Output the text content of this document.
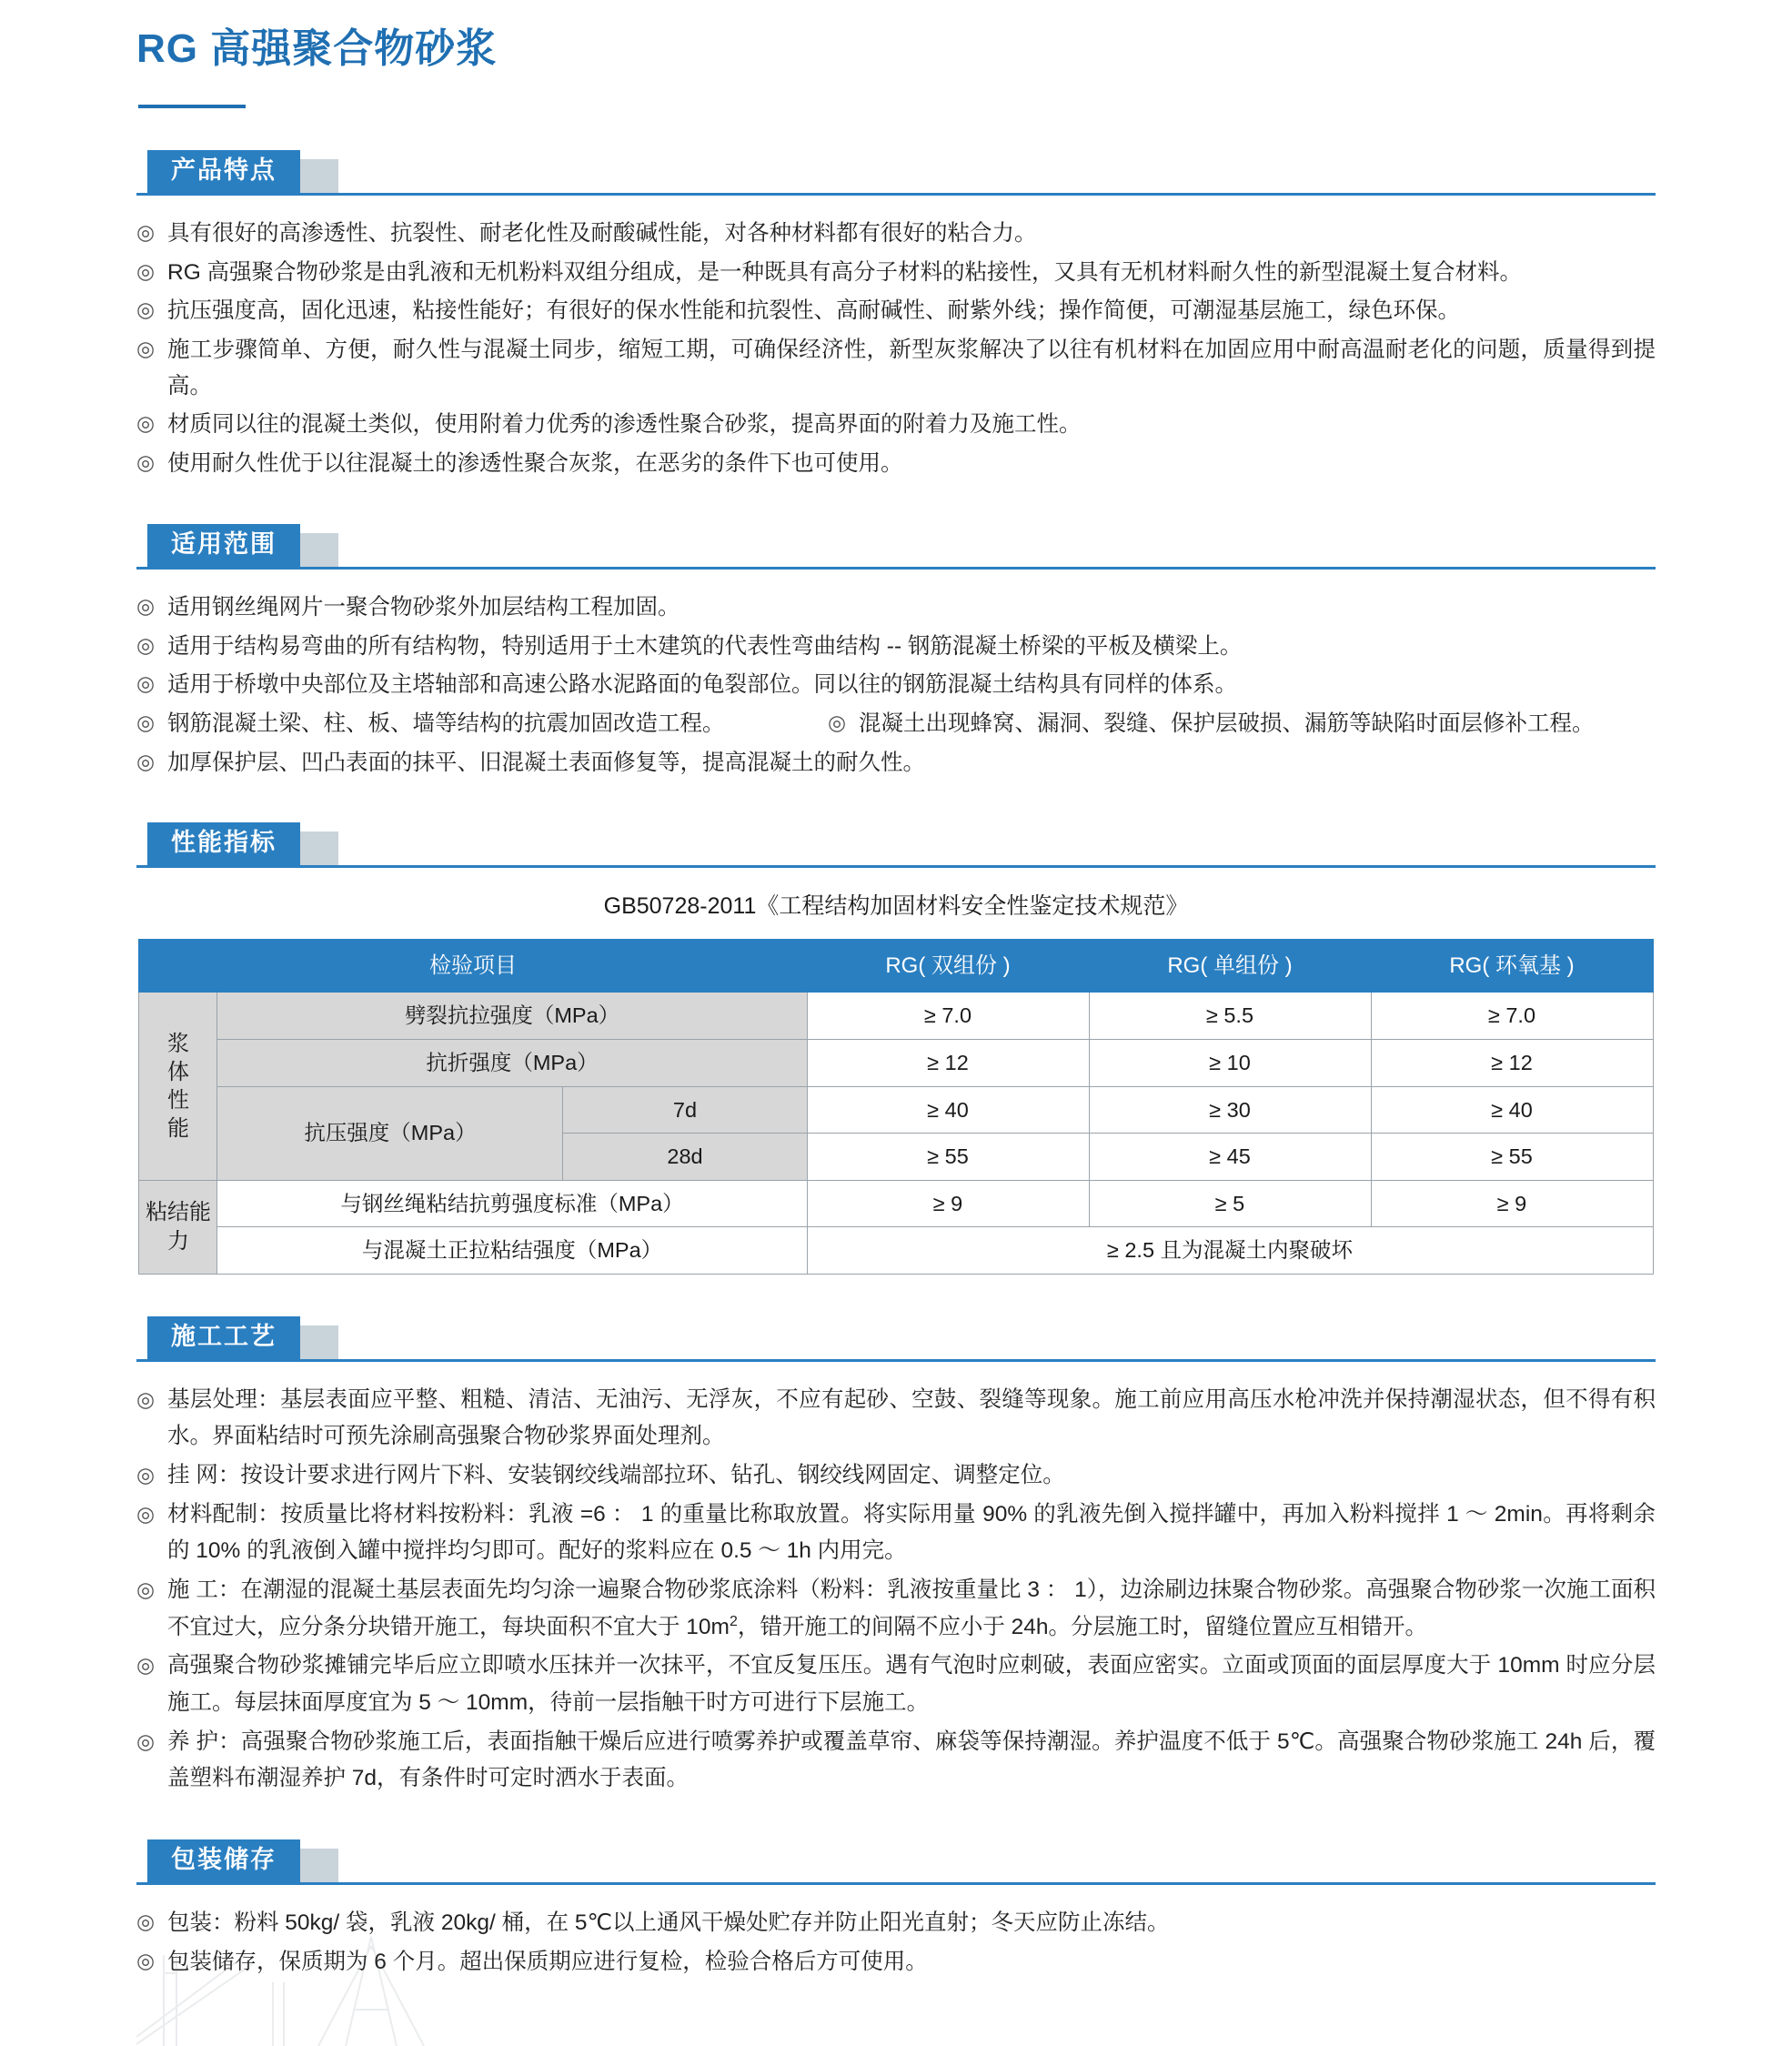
RG 高强聚合物砂浆
产品特点
◎ 具有很好的高渗透性、抗裂性、耐老化性及耐酸碱性能，对各种材料都有很好的粘合力。
◎ RG 高强聚合物砂浆是由乳液和无机粉料双组分组成，是一种既具有高分子材料的粘接性，又具有无机材料耐久性的新型混凝土复合材料。
◎ 抗压强度高，固化迅速，粘接性能好；有很好的保水性能和抗裂性、高耐碱性、耐紫外线；操作简便，可潮湿基层施工，绿色环保。
◎ 施工步骤简单、方便，耐久性与混凝土同步，缩短工期，可确保经济性，新型灰浆解决了以往有机材料在加固应用中耐高温耐老化的问题，质量得到提高。
◎ 材质同以往的混凝土类似，使用附着力优秀的渗透性聚合砂浆，提高界面的附着力及施工性。
◎ 使用耐久性优于以往混凝土的渗透性聚合灰浆，在恶劣的条件下也可使用。
适用范围
◎ 适用钢丝绳网片一聚合物砂浆外加层结构工程加固。
◎ 适用于结构易弯曲的所有结构物，特别适用于土木建筑的代表性弯曲结构 -- 钢筋混凝土桥梁的平板及横梁上。
◎ 适用于桥墩中央部位及主塔轴部和高速公路水泥路面的龟裂部位。同以往的钢筋混凝土结构具有同样的体系。
◎ 钢筋混凝土梁、柱、板、墙等结构的抗震加固改造工程。	◎ 混凝土出现蜂窝、漏洞、裂缝、保护层破损、漏筋等缺陷时面层修补工程。
◎ 加厚保护层、凹凸表面的抹平、旧混凝土表面修复等，提高混凝土的耐久性。
性能指标
GB50728-2011《工程结构加固材料安全性鉴定技术规范》
检验项目			RG( 双组份 )	RG( 单组份 )	RG( 环氧基 )

浆
体
性
能	劈裂抗拉强度（MPa）		≥ 7.0	≥ 5.5	≥ 7.0
	抗折强度（MPa）		≥ 12	≥ 10	≥ 12
	抗压强度（MPa）	7d	≥ 40	≥ 30	≥ 40
		28d	≥ 55	≥ 45	≥ 55

粘结能
力	与钢丝绳粘结抗剪强度标准（MPa）		≥ 9	≥ 5	≥ 9
	与混凝土正拉粘结强度（MPa）		≥ 2.5 且为混凝土内聚破坏		
施工工艺
◎ 基层处理：基层表面应平整、粗糙、清洁、无油污、无浮灰，不应有起砂、空鼓、裂缝等现象。施工前应用高压水枪冲洗并保持潮湿状态，但不得有积水。界面粘结时可预先涂刷高强聚合物砂浆界面处理剂。
◎ 挂 网：按设计要求进行网片下料、安装钢绞线端部拉环、钻孔、钢绞线网固定、调整定位。
◎ 材料配制：按质量比将材料按粉料：乳液 =6 ： 1 的重量比称取放置。将实际用量 90% 的乳液先倒入搅拌罐中，再加入粉料搅拌 1 ～ 2min。再将剩余的 10% 的乳液倒入罐中搅拌均匀即可。配好的浆料应在 0.5 ～ 1h 内用完。
◎ 施 工：在潮湿的混凝土基层表面先均匀涂一遍聚合物砂浆底涂料（粉料：乳液按重量比 3 ： 1），边涂刷边抹聚合物砂浆。高强聚合物砂浆一次施工面积不宜过大，应分条分块错开施工，每块面积不宜大于 $10m^2$，错开施工的间隔不应小于 24h。分层施工时，留缝位置应互相错开。
◎ 高强聚合物砂浆摊铺完毕后应立即喷水压抹并一次抹平，不宜反复压压。遇有气泡时应刺破，表面应密实。立面或顶面的面层厚度大于 10mm 时应分层施工。每层抹面厚度宜为 5 ～ 10mm，待前一层指触干时方可进行下层施工。
◎ 养 护：高强聚合物砂浆施工后，表面指触干燥后应进行喷雾养护或覆盖草帘、麻袋等保持潮湿。养护温度不低于 5℃。高强聚合物砂浆施工 24h 后，覆盖塑料布潮湿养护 7d，有条件时可定时洒水于表面。
包装储存
◎ 包装：粉料 50kg/ 袋，乳液 20kg/ 桶，在 5℃以上通风干燥处贮存并防止阳光直射；冬天应防止冻结。
◎ 包装储存，保质期为 6 个月。超出保质期应进行复检，检验合格后方可使用。
